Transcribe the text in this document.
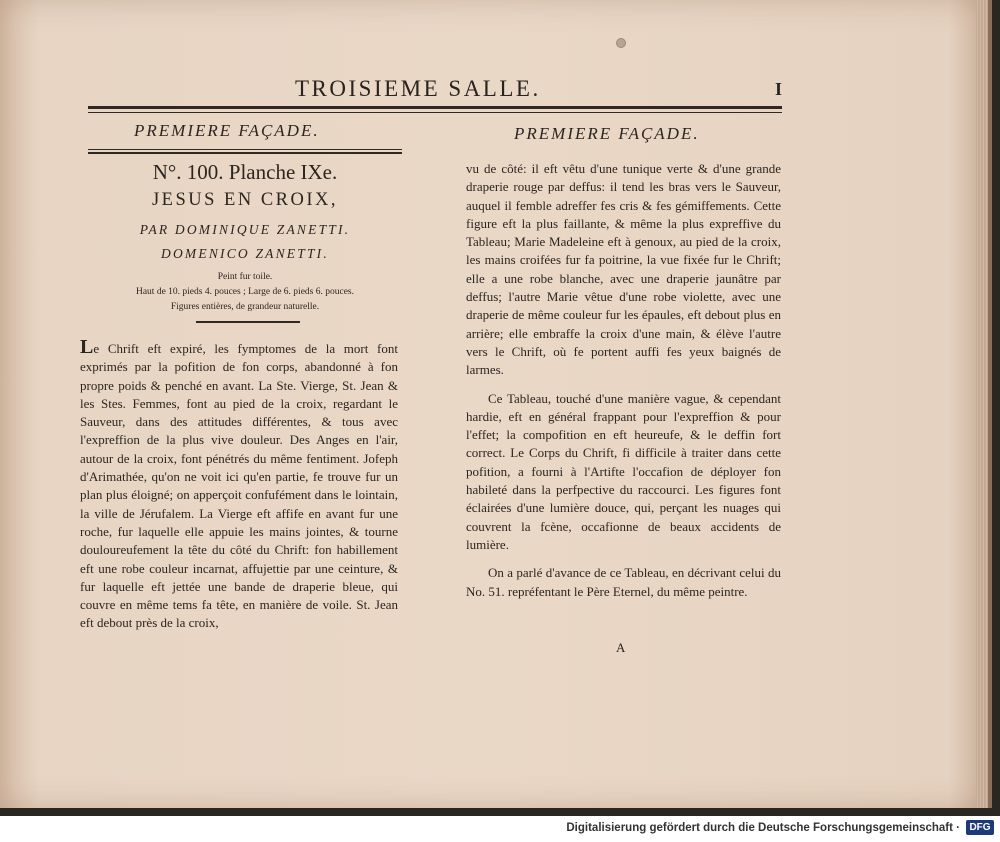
TROISIEME SALLE.	I
PREMIERE FAÇADE.	PREMIERE FAÇADE.
N°. 100. Planche IXe.
JESUS EN CROIX,
PAR DOMINIQUE ZANETTI.
DOMENICO ZANETTI.
Peint fur toile.
Haut de 10. pieds 4. pouces ; Large de 6. pieds 6. pouces.
Figures entières, de grandeur naturelle.

Le Chrift eft expiré, les fymptomes de la mort font exprimés par la pofition de fon corps, abandonné à fon propre poids & penché en avant. La Ste. Vierge, St. Jean & les Stes. Femmes, font au pied de la croix, regardant le Sauveur, dans des attitudes différentes, & tous avec l'expreffion de la plus vive douleur. Des Anges en l'air, autour de la croix, font pénétrés du même fentiment. Jofeph d'Arimathée, qu'on ne voit ici qu'en partie, fe trouve fur un plan plus éloigné; on apperçoit confufément dans le lointain, la ville de Jérufalem. La Vierge eft affife en avant fur une roche, fur laquelle elle appuie les mains jointes, & tourne douloureufement la tête du côté du Chrift: fon habillement eft une robe couleur incarnat, affujettie par une ceinture, & fur laquelle eft jettée une bande de draperie bleue, qui couvre en même tems fa tête, en manière de voile. St. Jean eft debout près de la croix,

vu de côté: il eft vêtu d'une tunique verte & d'une grande draperie rouge par deffus: il tend les bras vers le Sauveur, auquel il femble adreffer fes cris & fes gémiffements. Cette figure eft la plus faillante, & même la plus expreffive du Tableau; Marie Madeleine eft à genoux, au pied de la croix, les mains croifées fur fa poitrine, la vue fixée fur le Chrift; elle a une robe blanche, avec une draperie jaunâtre par deffus; l'autre Marie vêtue d'une robe violette, avec une draperie de même couleur fur les épaules, eft debout plus en arrière; elle embraffe la croix d'une main, & élève l'autre vers le Chrift, où fe portent auffi fes yeux baignés de larmes.

Ce Tableau, touché d'une manière vague, & cependant hardie, eft en général frappant pour l'expreffion & pour l'effet; la compofition en eft heureufe, & le deffin fort correct. Le Corps du Chrift, fi difficile à traiter dans cette pofition, a fourni à l'Artifte l'occafion de déployer fon habileté dans la perfpective du raccourci. Les figures font éclairées d'une lumière douce, qui, perçant les nuages qui couvrent la fcène, occafionne de beaux accidents de lumière.

On a parlé d'avance de ce Tableau, en décrivant celui du No. 51. repréfentant le Père Eternel, du même peintre.

A
Digitalisierung gefördert durch die Deutsche Forschungsgemeinschaft · DFG
